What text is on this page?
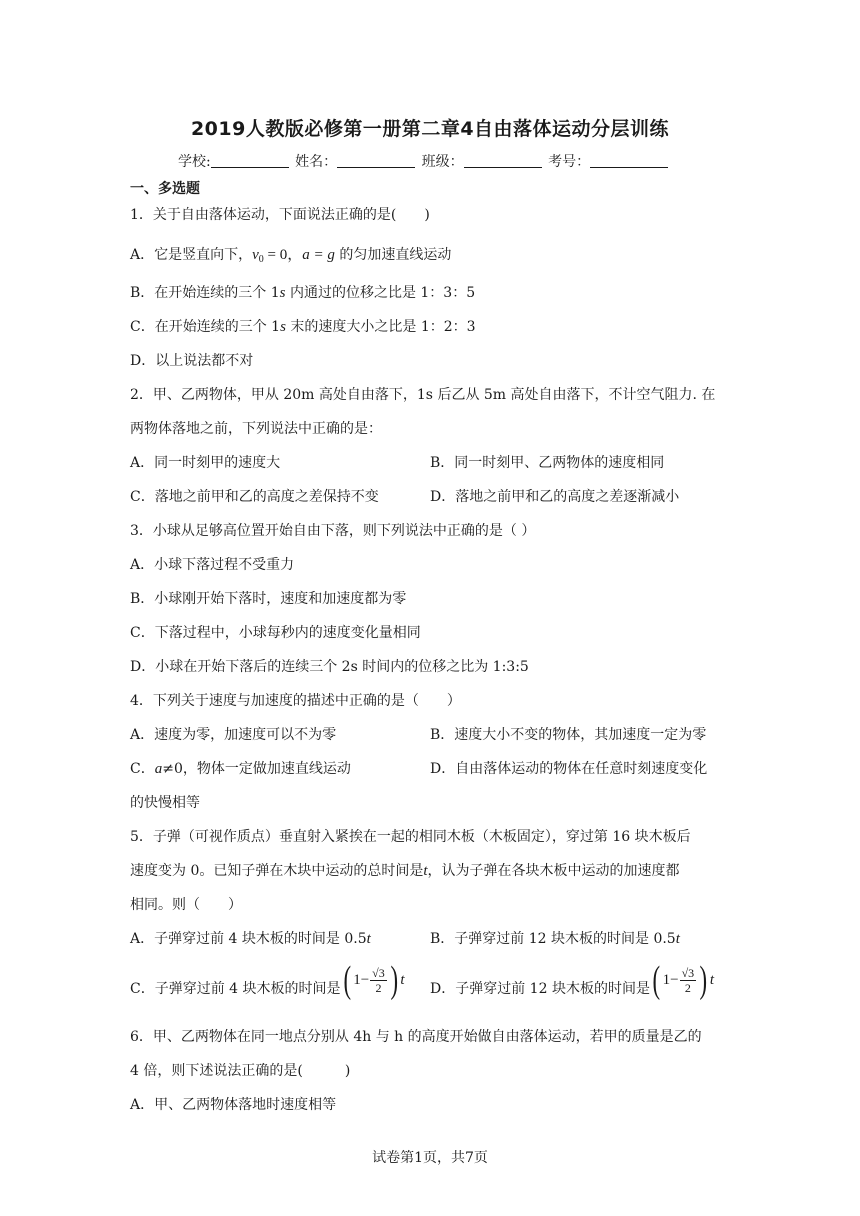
2019人教版必修第一册第二章4自由落体运动分层训练
学校:	姓名：	班级：	考号：
一、多选题
1．关于自由落体运动，下面说法正确的是(　　)
A．它是竖直向下，$v_0 = 0$，a = g 的匀加速直线运动
B．在开始连续的三个 1s 内通过的位移之比是 1：3：5
C．在开始连续的三个 1s 末的速度大小之比是 1：2：3
D．以上说法都不对
2．甲、乙两物体，甲从 20m 高处自由落下，1s 后乙从 5m 高处自由落下，不计空气阻力. 在
两物体落地之前，下列说法中正确的是：
A．同一时刻甲的速度大	B．同一时刻甲、乙两物体的速度相同
C．落地之前甲和乙的高度之差保持不变	D．落地之前甲和乙的高度之差逐渐减小
3．小球从足够高位置开始自由下落，则下列说法中正确的是（ ）
A．小球下落过程不受重力
B．小球刚开始下落时，速度和加速度都为零
C．下落过程中，小球每秒内的速度变化量相同
D．小球在开始下落后的连续三个 2s 时间内的位移之比为 1:3:5
4．下列关于速度与加速度的描述中正确的是（　　）
A．速度为零，加速度可以不为零	B．速度大小不变的物体，其加速度一定为零
C．a≠0，物体一定做加速直线运动	D．自由落体运动的物体在任意时刻速度变化
的快慢相等
5．子弹（可视作质点）垂直射入紧挨在一起的相同木板（木板固定），穿过第 16 块木板后
速度变为 0。已知子弹在木块中运动的总时间是t，认为子弹在各块木板中运动的加速度都
相同。则（　　）
A．子弹穿过前 4 块木板的时间是 0.5t	B．子弹穿过前 12 块木板的时间是 0.5t
C．子弹穿过前 4 块木板的时间是 ( $1- \frac{√3}{2}$ ) t
D．子弹穿过前 12 块木板的时间是 ( $1- \frac{√3}{2}$ ) t
6．甲、乙两物体在同一地点分别从 4h 与 h 的高度开始做自由落体运动，若甲的质量是乙的
4 倍，则下述说法正确的是(　　　)
A．甲、乙两物体落地时速度相等
试卷第1页，共7页
